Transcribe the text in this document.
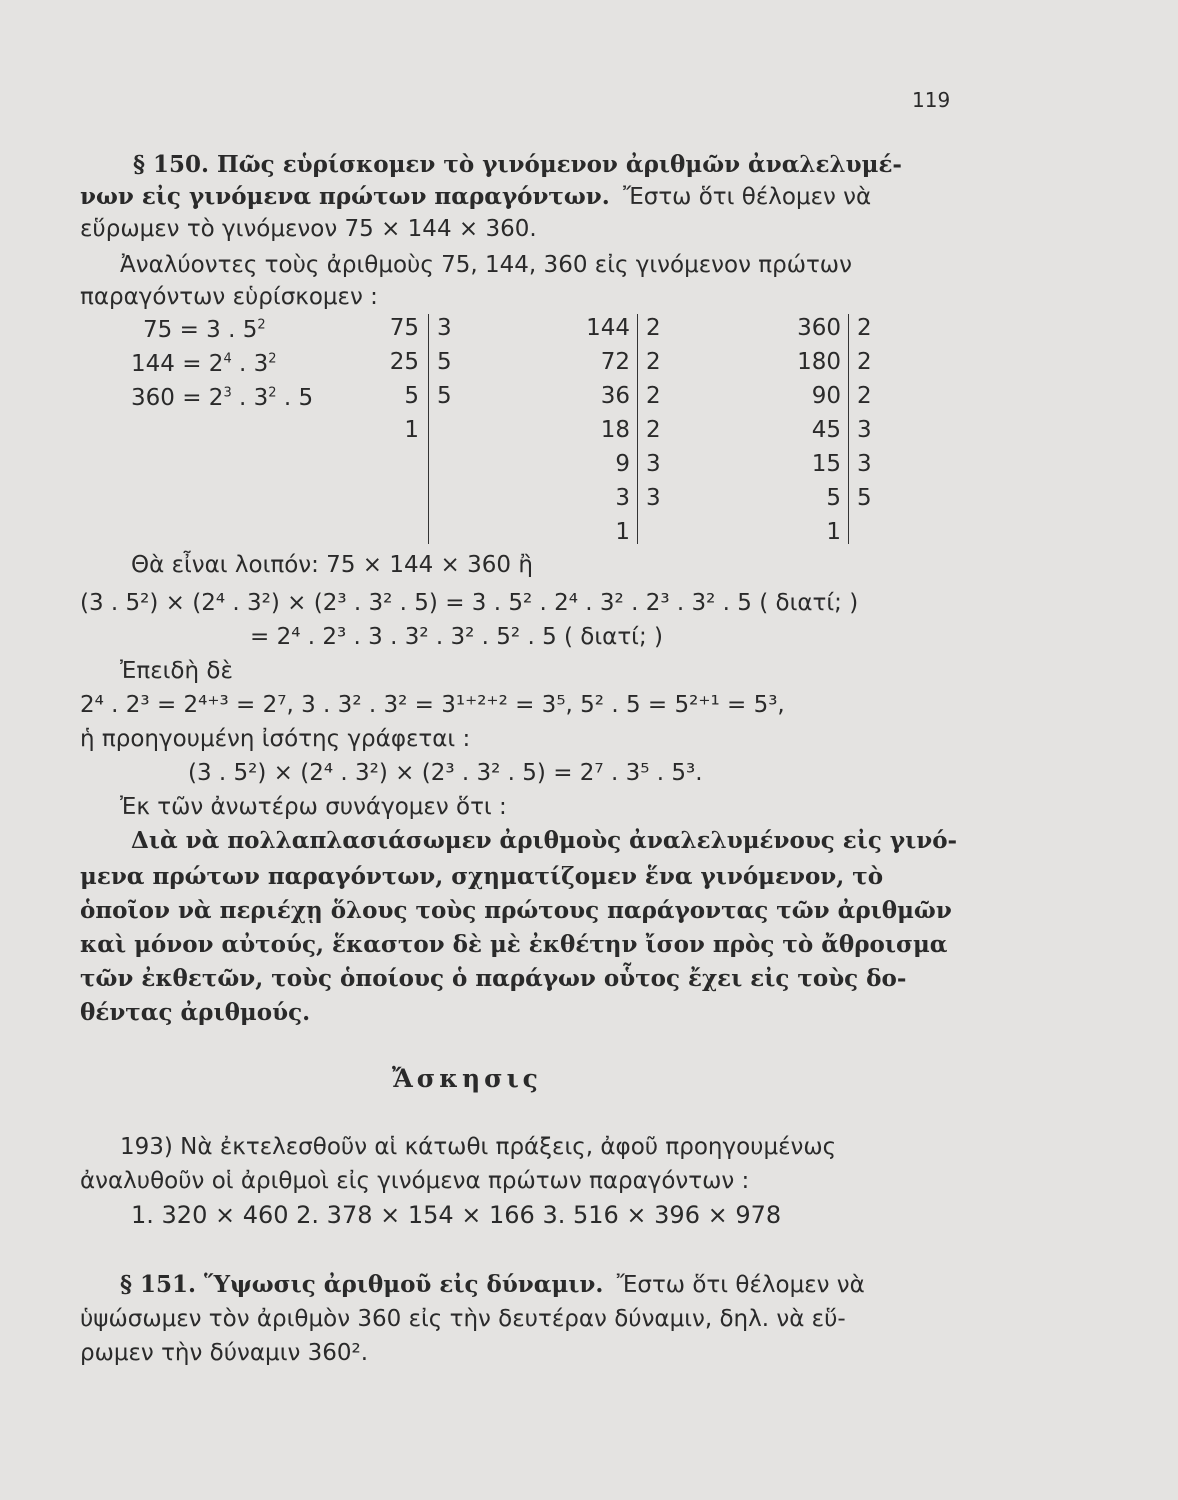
119
§ 150. Πῶς εὑρίσκομεν τὸ γινόμενον ἀριθμῶν ἀναλελυμέ-
νων εἰς γινόμενα πρώτων παραγόντων. Ἔστω ὅτι θέλομεν νὰ
εὕρωμεν τὸ γινόμενον 75 × 144 × 360.
Ἀναλύοντες τοὺς ἀριθμοὺς 75, 144, 360 εἰς γινόμενον πρώτων
παραγόντων εὑρίσκομεν :
75 = 3 . $5^2$
$144 = 2^4$ . $3^2$
$360 = 2^3$ . $3^2$ . 5
75
25
5
1
3
5
5
144
72
36
18
9
3
1
2
2
2
2
3
3
360
180
90
45
15
5
1
2
2
2
3
3
5
Θὰ εἶναι λοιπόν: 75 × 144 × 360 ἢ
(3 . 5²) × (2⁴ . 3²) × (2³ . 3² . 5) = 3 . 5² . 2⁴ . 3² . 2³ . 3² . 5 ( διατί; )
= 2⁴ . 2³ . 3 . 3² . 3² . 5² . 5 ( διατί; )
Ἐπειδὴ δὲ
2⁴ . 2³ = 2⁴⁺³ = 2⁷, 3 . 3² . 3² = 3¹⁺²⁺² = 3⁵, 5² . 5 = 5²⁺¹ = 5³,
ἡ προηγουμένη ἰσότης γράφεται :
(3 . 5²) × (2⁴ . 3²) × (2³ . 3² . 5) = 2⁷ . 3⁵ . 5³.
Ἐκ τῶν ἀνωτέρω συνάγομεν ὅτι :
Διὰ νὰ πολλαπλασιάσωμεν ἀριθμοὺς ἀναλελυμένους εἰς γινό-
μενα πρώτων παραγόντων, σχηματίζομεν ἕνα γινόμενον, τὸ
ὁποῖον νὰ περιέχῃ ὅλους τοὺς πρώτους παράγοντας τῶν ἀριθμῶν
καὶ μόνον αὐτούς, ἕκαστον δὲ μὲ ἐκθέτην ἴσον πρὸς τὸ ἄθροισμα
τῶν ἐκθετῶν, τοὺς ὁποίους ὁ παράγων οὗτος ἔχει εἰς τοὺς δο-
θέντας ἀριθμούς.
Ἄσκησις
193) Νὰ ἐκτελεσθοῦν αἱ κάτωθι πράξεις, ἀφοῦ προηγουμένως
ἀναλυθοῦν οἱ ἀριθμοὶ εἰς γινόμενα πρώτων παραγόντων :
1. 320 × 460 2. 378 × 154 × 166 3. 516 × 396 × 978
§ 151. Ὕψωσις ἀριθμοῦ εἰς δύναμιν. Ἔστω ὅτι θέλομεν νὰ
ὑψώσωμεν τὸν ἀριθμὸν 360 εἰς τὴν δευτέραν δύναμιν, δηλ. νὰ εὕ-
ρωμεν τὴν δύναμιν 360².
